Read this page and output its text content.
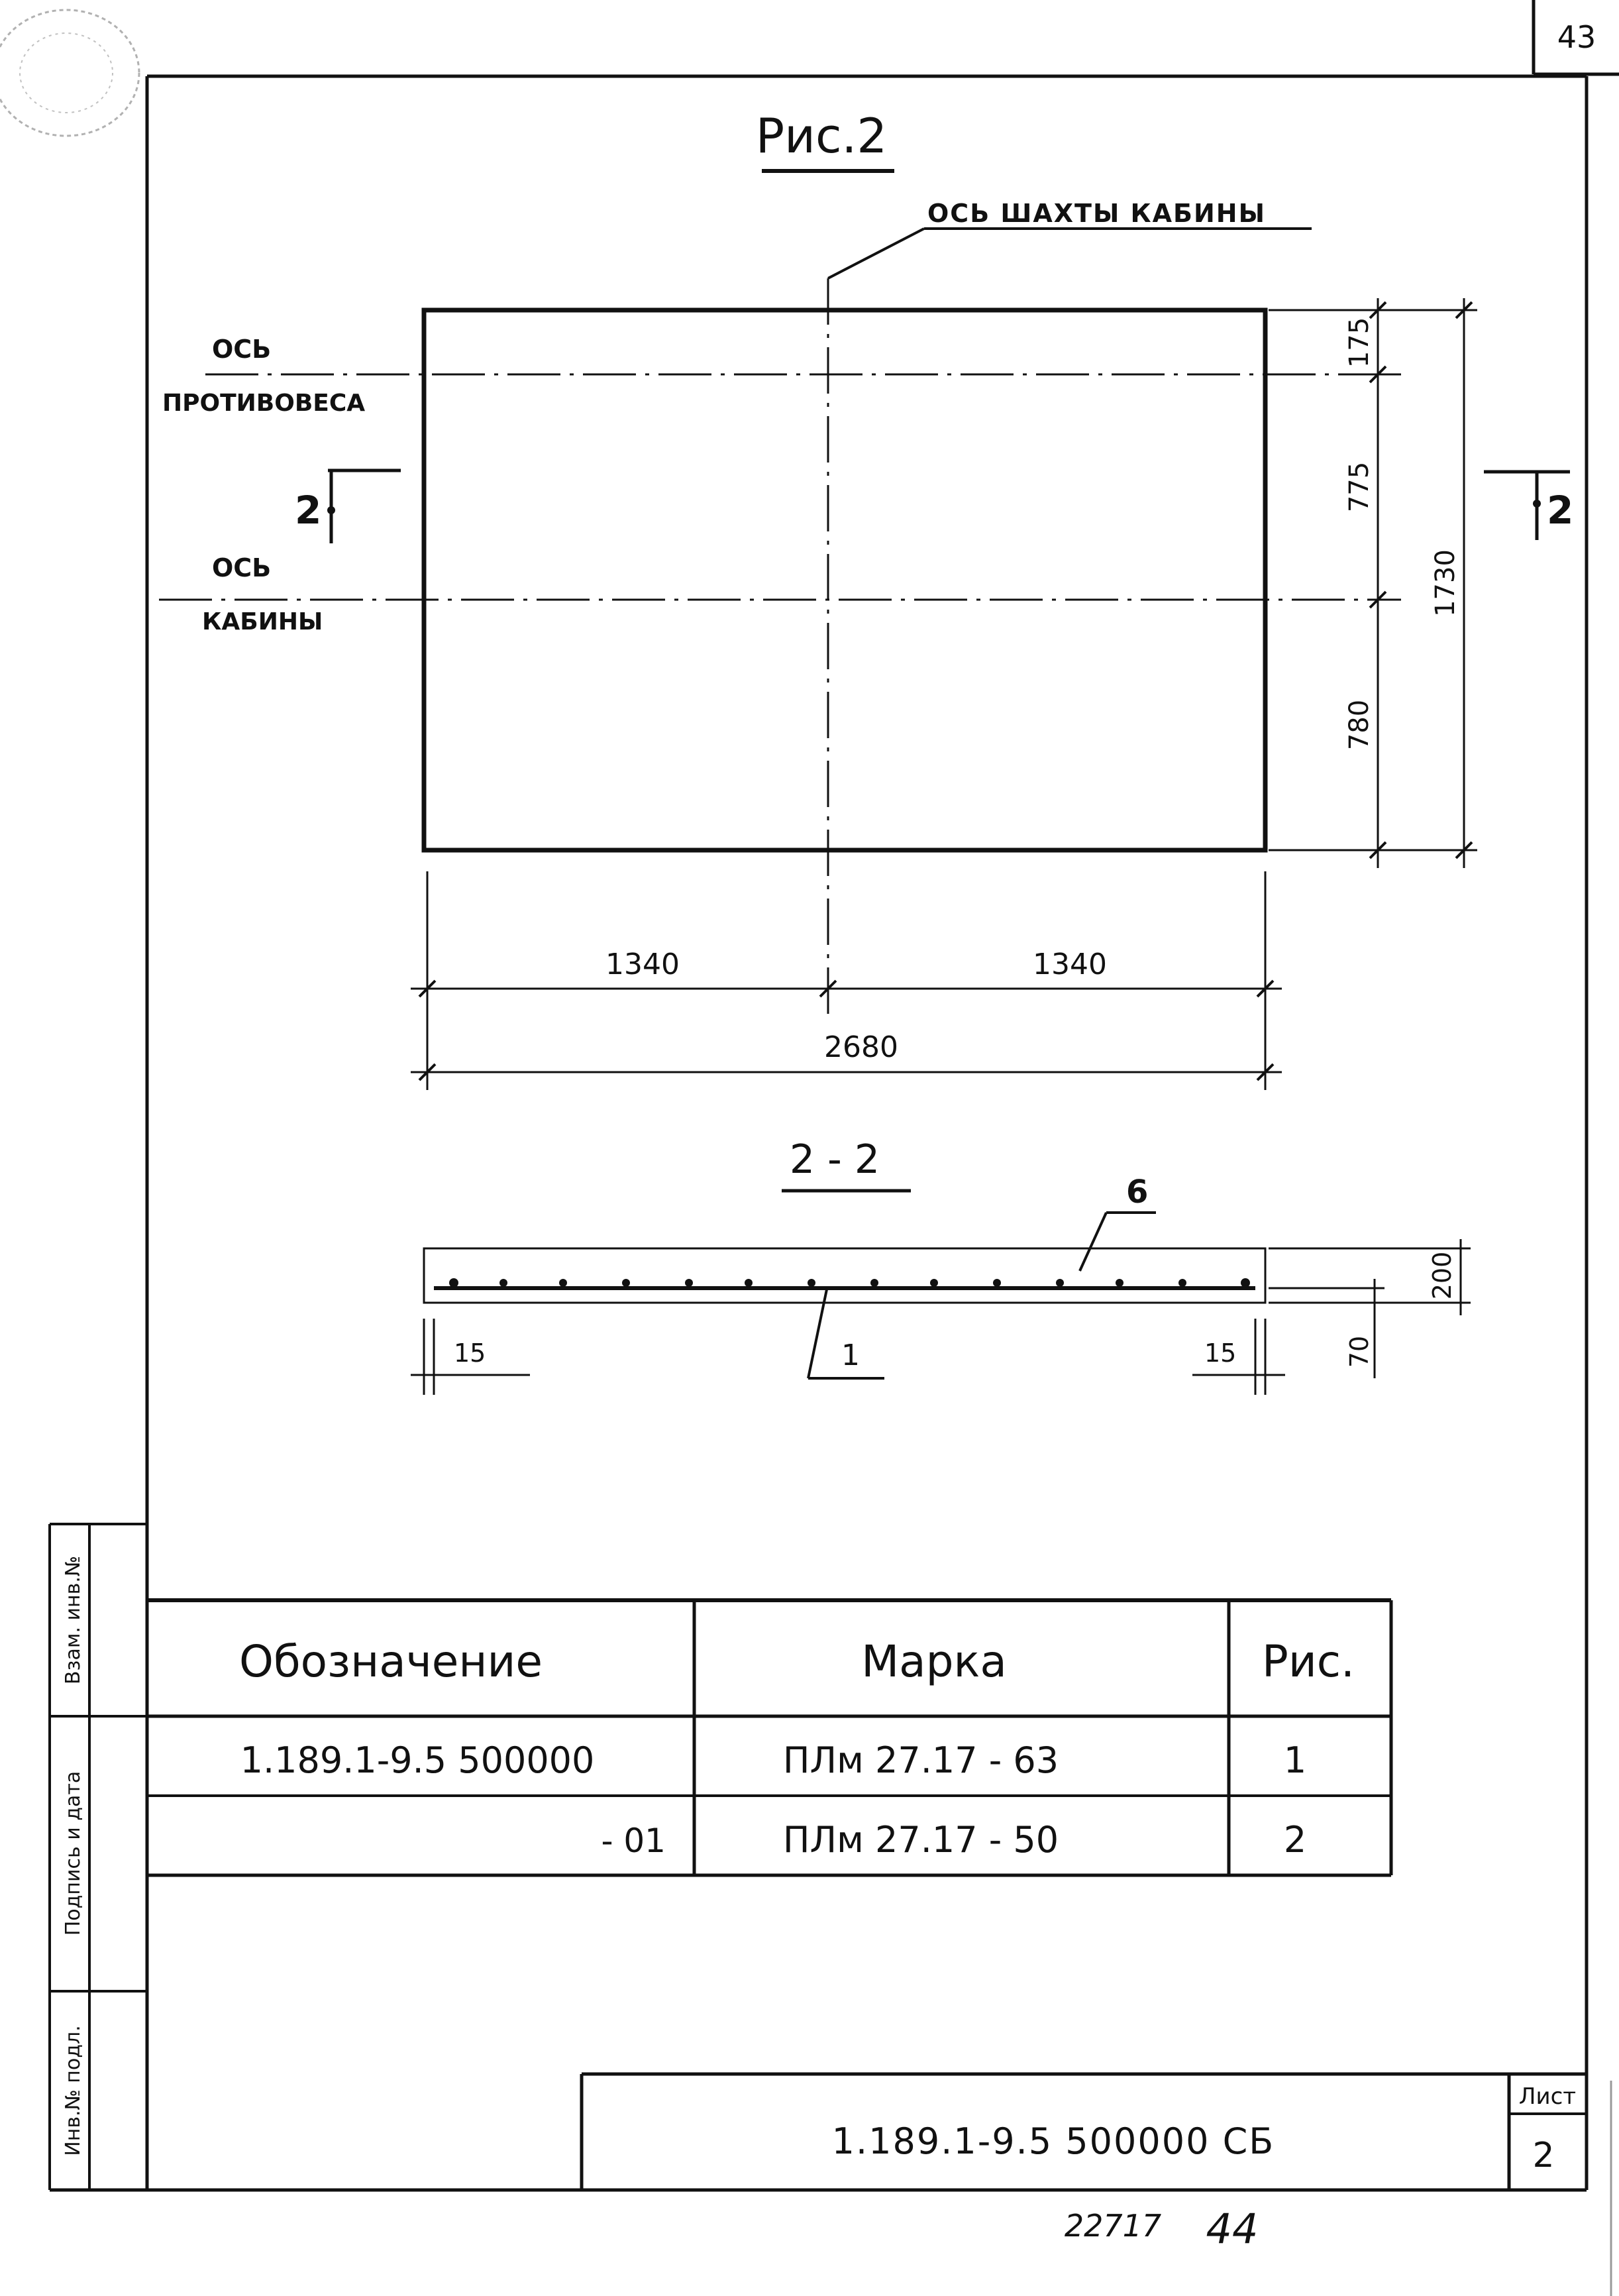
43
Взам. инв.№
Подпись и дата
Инв.№ подл.
Рис.2
ОСЬ ШАХТЫ КАБИНЫ
ОСЬ
ПРОТИВОВЕСА
ОСЬ
КАБИНЫ
2	2
175
775
780
1730
1340	1340
2680
2 - 2
6
1
15	15
200
70
Обозначение	Марка	Рис.
1.189.1-9.5 500000	ПЛм 27.17 - 63	1
- 01	ПЛм 27.17 - 50	2
1.189.1-9.5 500000 СБ
Лист
2
22717 44
